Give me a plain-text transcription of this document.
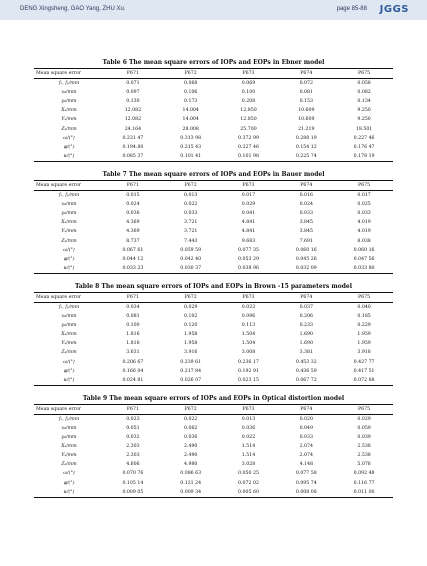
DENG Xingsheng, GAO Yang, ZHU Xu.	page 85-88 JGGS
Table 6 The mean square errors of IOPs and EOPs in Ebner model
Mean square error	P671	P672	P673	P674	P675
fₓ, fᵧ/mm	0.071	0.068	0.069	0.072	0.058
x₀/mm	0.097	0.106	0.100	0.081	0.082
y₀/mm	0.130	0.173	0.208	0.153	0.134
Xₛ/mm	12.082	14.004	12.850	10.609	9.250
Yₛ/mm	12.082	14.004	12.850	10.609	9.250
Zₛ/mm	24.164	28.008	25.700	21.219	18.501
ω/(°)	0.231 47	0.313 98	0.372 99	0.288 19	0.227 46
φ/(°)	0.194.80	0.215 43	0.227 46	0.154 12	0.176 47
κ/(°)	0.085 37	0.101 41	0.101 98	0.225 74	0.178 19
Table 7 The mean square errors of IOPs and EOPs in Bauer model
Mean square error	P671	P672	P673	P674	P675
fₓ, fᵧ/mm	0.015	0.013	0.017	0.016	0.017
x₀/mm	0.024	0.022	0.029	0.024	0.025
y₀/mm	0.036	0.033	0.041	0.033	0.033
Xₛ/mm	4.369	3.721	4.841	3.845	4.019
Yₛ/mm	4.369	3.721	4.841	3.845	4.019
Zₛ/mm	8.737	7.443	9.683	7.691	8.038
ω/(°)	0.067 61	0.059 59	0.077 35	0.060 16	0.060 16
φ/(°)	0.044 12	0.042 40	0.053 29	0.045 26	0.047 56
κ/(°)	0.033 23	0.030 37	0.038 96	0.032 09	0.033 80
Table 8 The mean square errors of IOPs and EOPs in Brown -15 parameters model
Mean square error	P671	P672	P673	P674	P675
fₓ, fᵧ/mm	0.034	0.029	0.023	0.037	0.040
x₀/mm	0.081	0.102	0.096	0.206	0.185
y₀/mm	0.100	0.120	0.113	0.233	0.229
Xₛ/mm	1.816	1.958	1.504	1.690	1.959
Yₛ/mm	1.816	1.958	1.504	1.690	1.959
Zₛ/mm	3.631	3.916	3.008	3.381	3.918
ω/(°)	0.206 67	0.239 61	0.236 17	0.453 32	0.427 77
φ/(°)	0.166 04	0.217 84	0.192 91	0.436 59	0.417 51
κ/(°)	0.024 81	0.026 07	0.023 15	0.067 72	0.072 88
Table 9 The mean square errors of IOPs and EOPs in Optical distortion model
Mean square error	P671	P672	P673	P674	P675
fₓ, fᵧ/mm	0.023	0.022	0.013	0.020	0.029
x₀/mm	0.051	0.062	0.036	0.049	0.059
y₀/mm	0.032	0.036	0.022	0.033	0.039
Xₛ/mm	2.303	2.490	1.514	2.074	2.538
Yₛ/mm	2.303	2.490	1.514	2.074	2.538
Zₛ/mm	4.606	4.980	3.028	4.148	5.076
ω/(°)	0.070 76	0.086 63	0.050 25	0.077 58	0.092 48
φ/(°)	0.105 14	0.121 24	0.072 02	0.095 74	0.116 77
κ/(°)	0.009 05	0.009 34	0.005 60	0.008 08	0.011 00
